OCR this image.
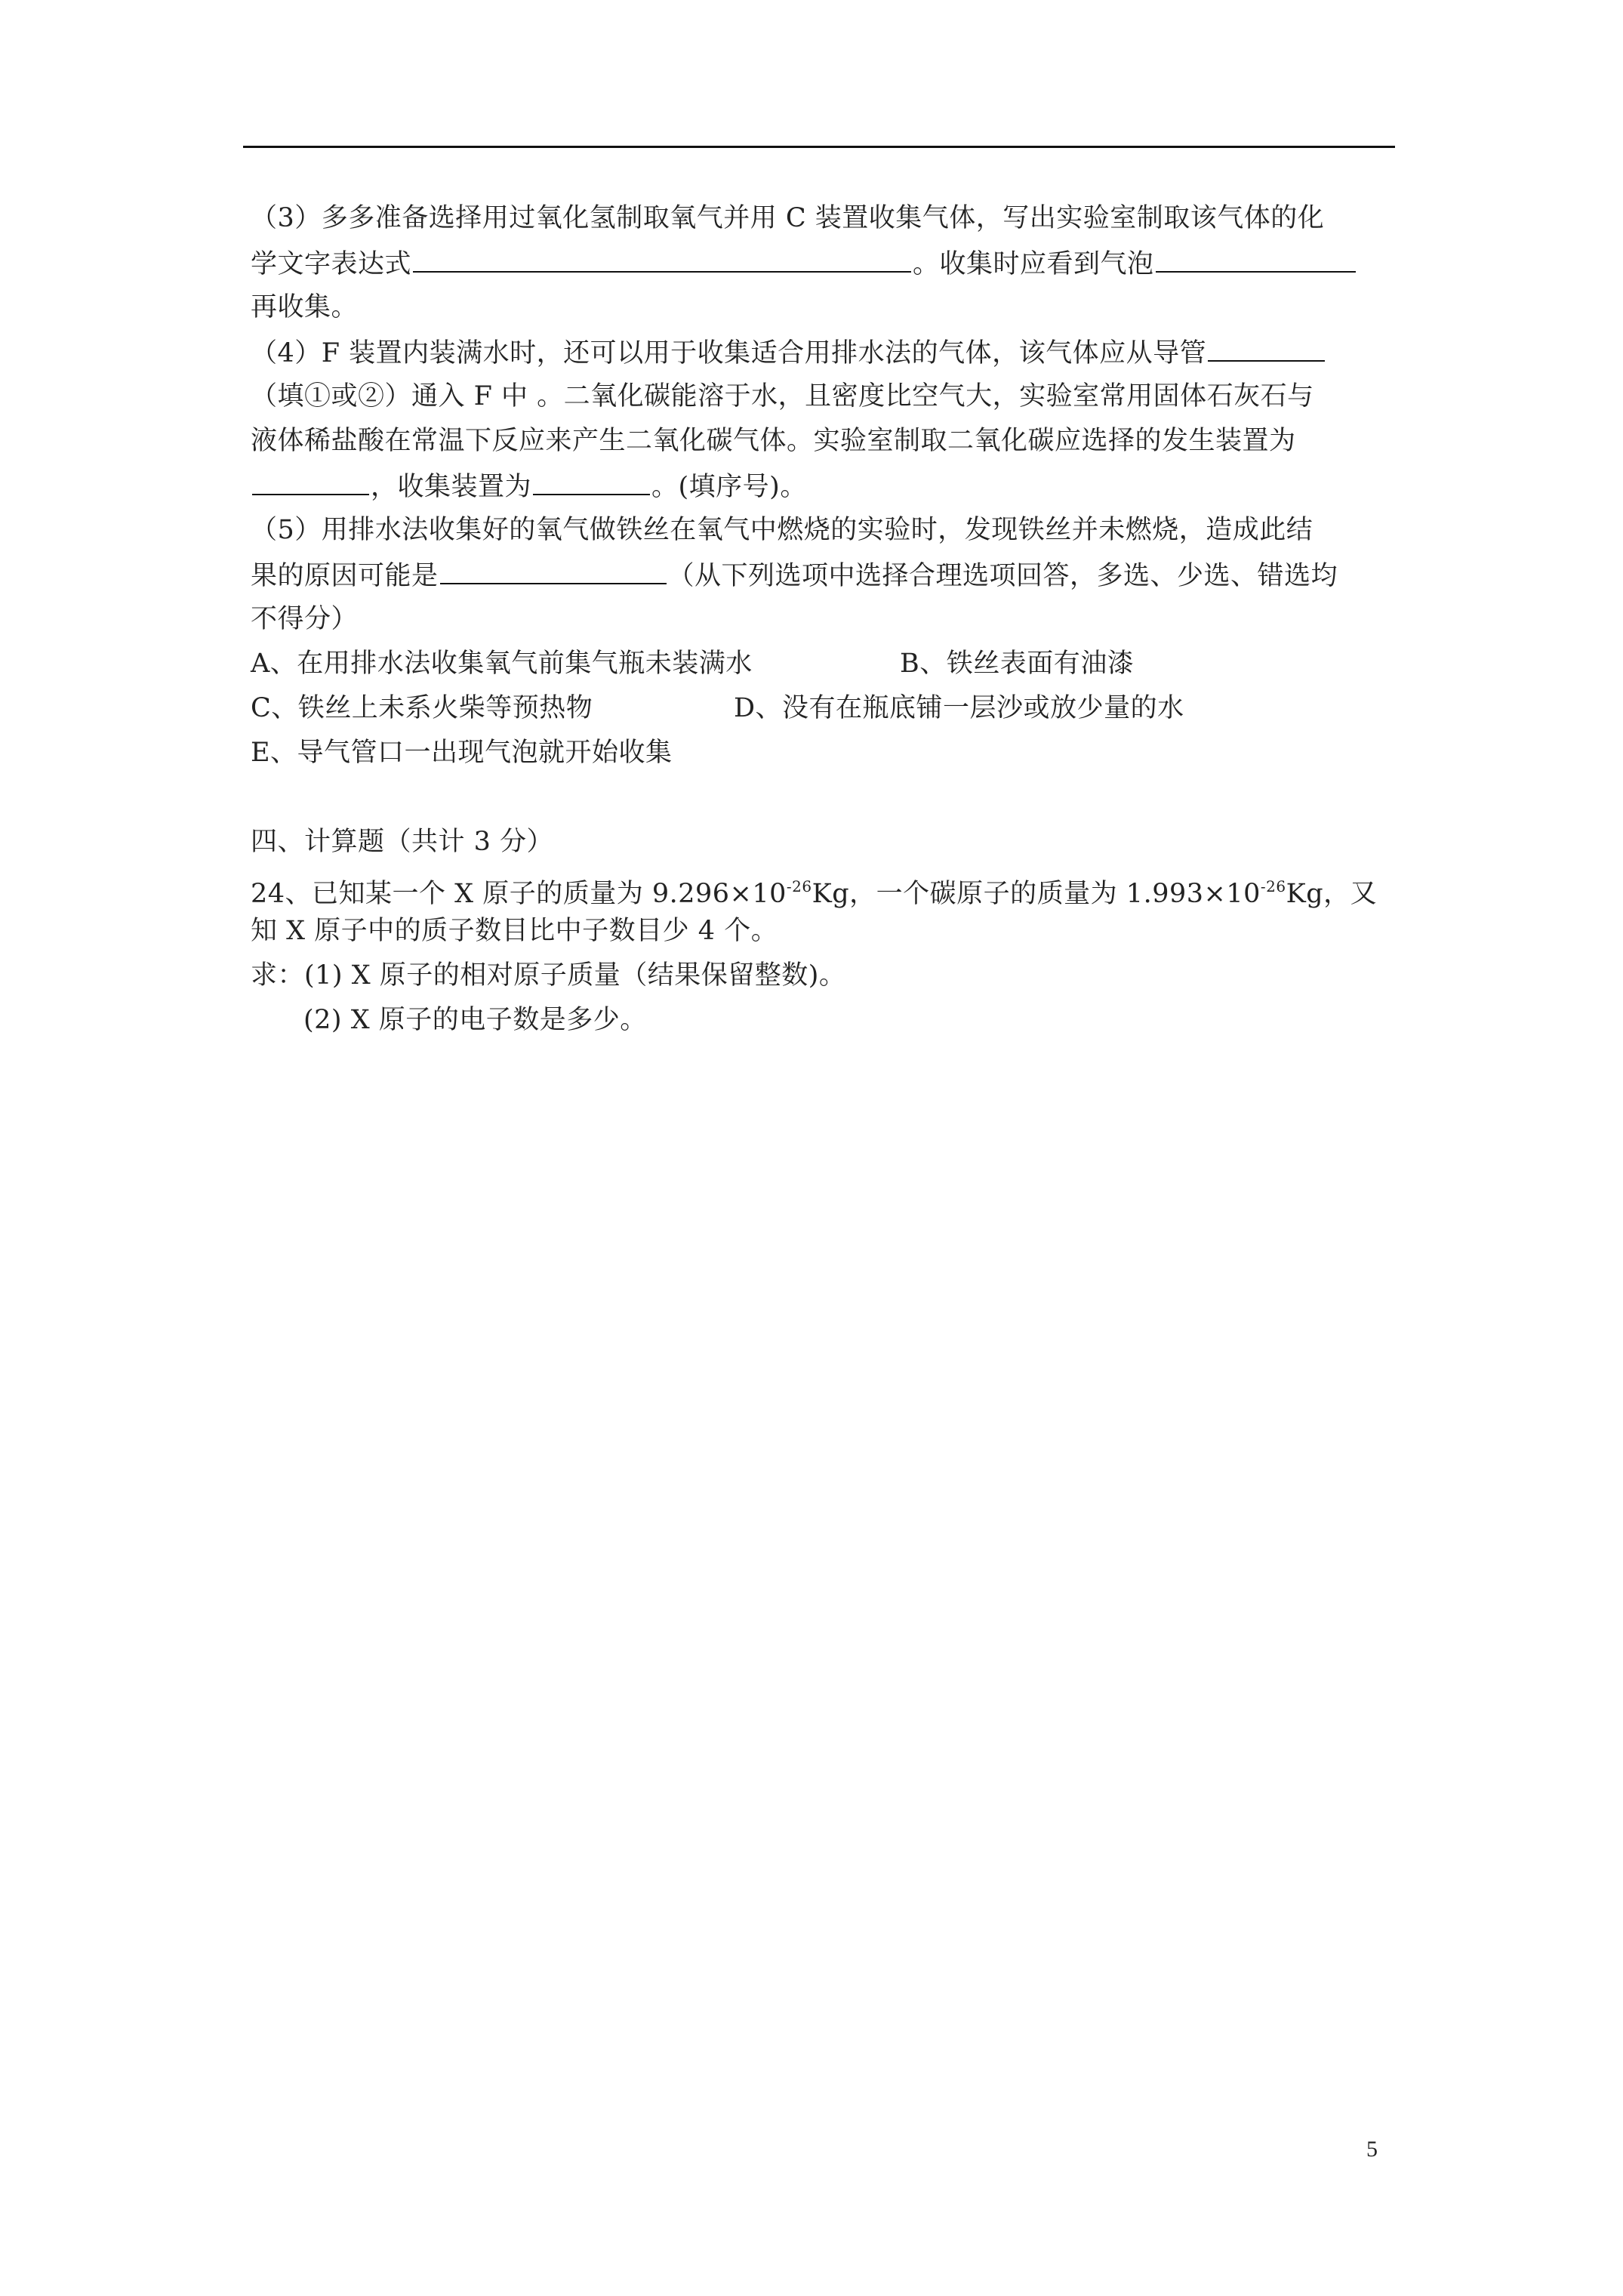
（3）多多准备选择用过氧化氢制取氧气并用 C 装置收集气体，写出实验室制取该气体的化
学文字表达式	。收集时应看到气泡
再收集。
（4）F 装置内装满水时，还可以用于收集适合用排水法的气体，该气体应从导管
（填①或②）通入 F 中 。二氧化碳能溶于水，且密度比空气大，实验室常用固体石灰石与
液体稀盐酸在常温下反应来产生二氧化碳气体。实验室制取二氧化碳应选择的发生装置为
，收集装置为	。(填序号)。
（5）用排水法收集好的氧气做铁丝在氧气中燃烧的实验时，发现铁丝并未燃烧，造成此结
果的原因可能是	（从下列选项中选择合理选项回答，多选、少选、错选均
不得分）
A、在用排水法收集氧气前集气瓶未装满水	B、铁丝表面有油漆
C、铁丝上未系火柴等预热物	D、没有在瓶底铺一层沙或放少量的水
E、导气管口一出现气泡就开始收集
四、计算题（共计 3 分）
24、已知某一个 X 原子的质量为 $9.296\times 10^{-26}Kg$，一个碳原子的质量为 $1.993\times 10^{-26}Kg$，又
知 X 原子中的质子数目比中子数目少 4 个。
求：(1) X 原子的相对原子质量（结果保留整数)。
(2) X 原子的电子数是多少。
5
